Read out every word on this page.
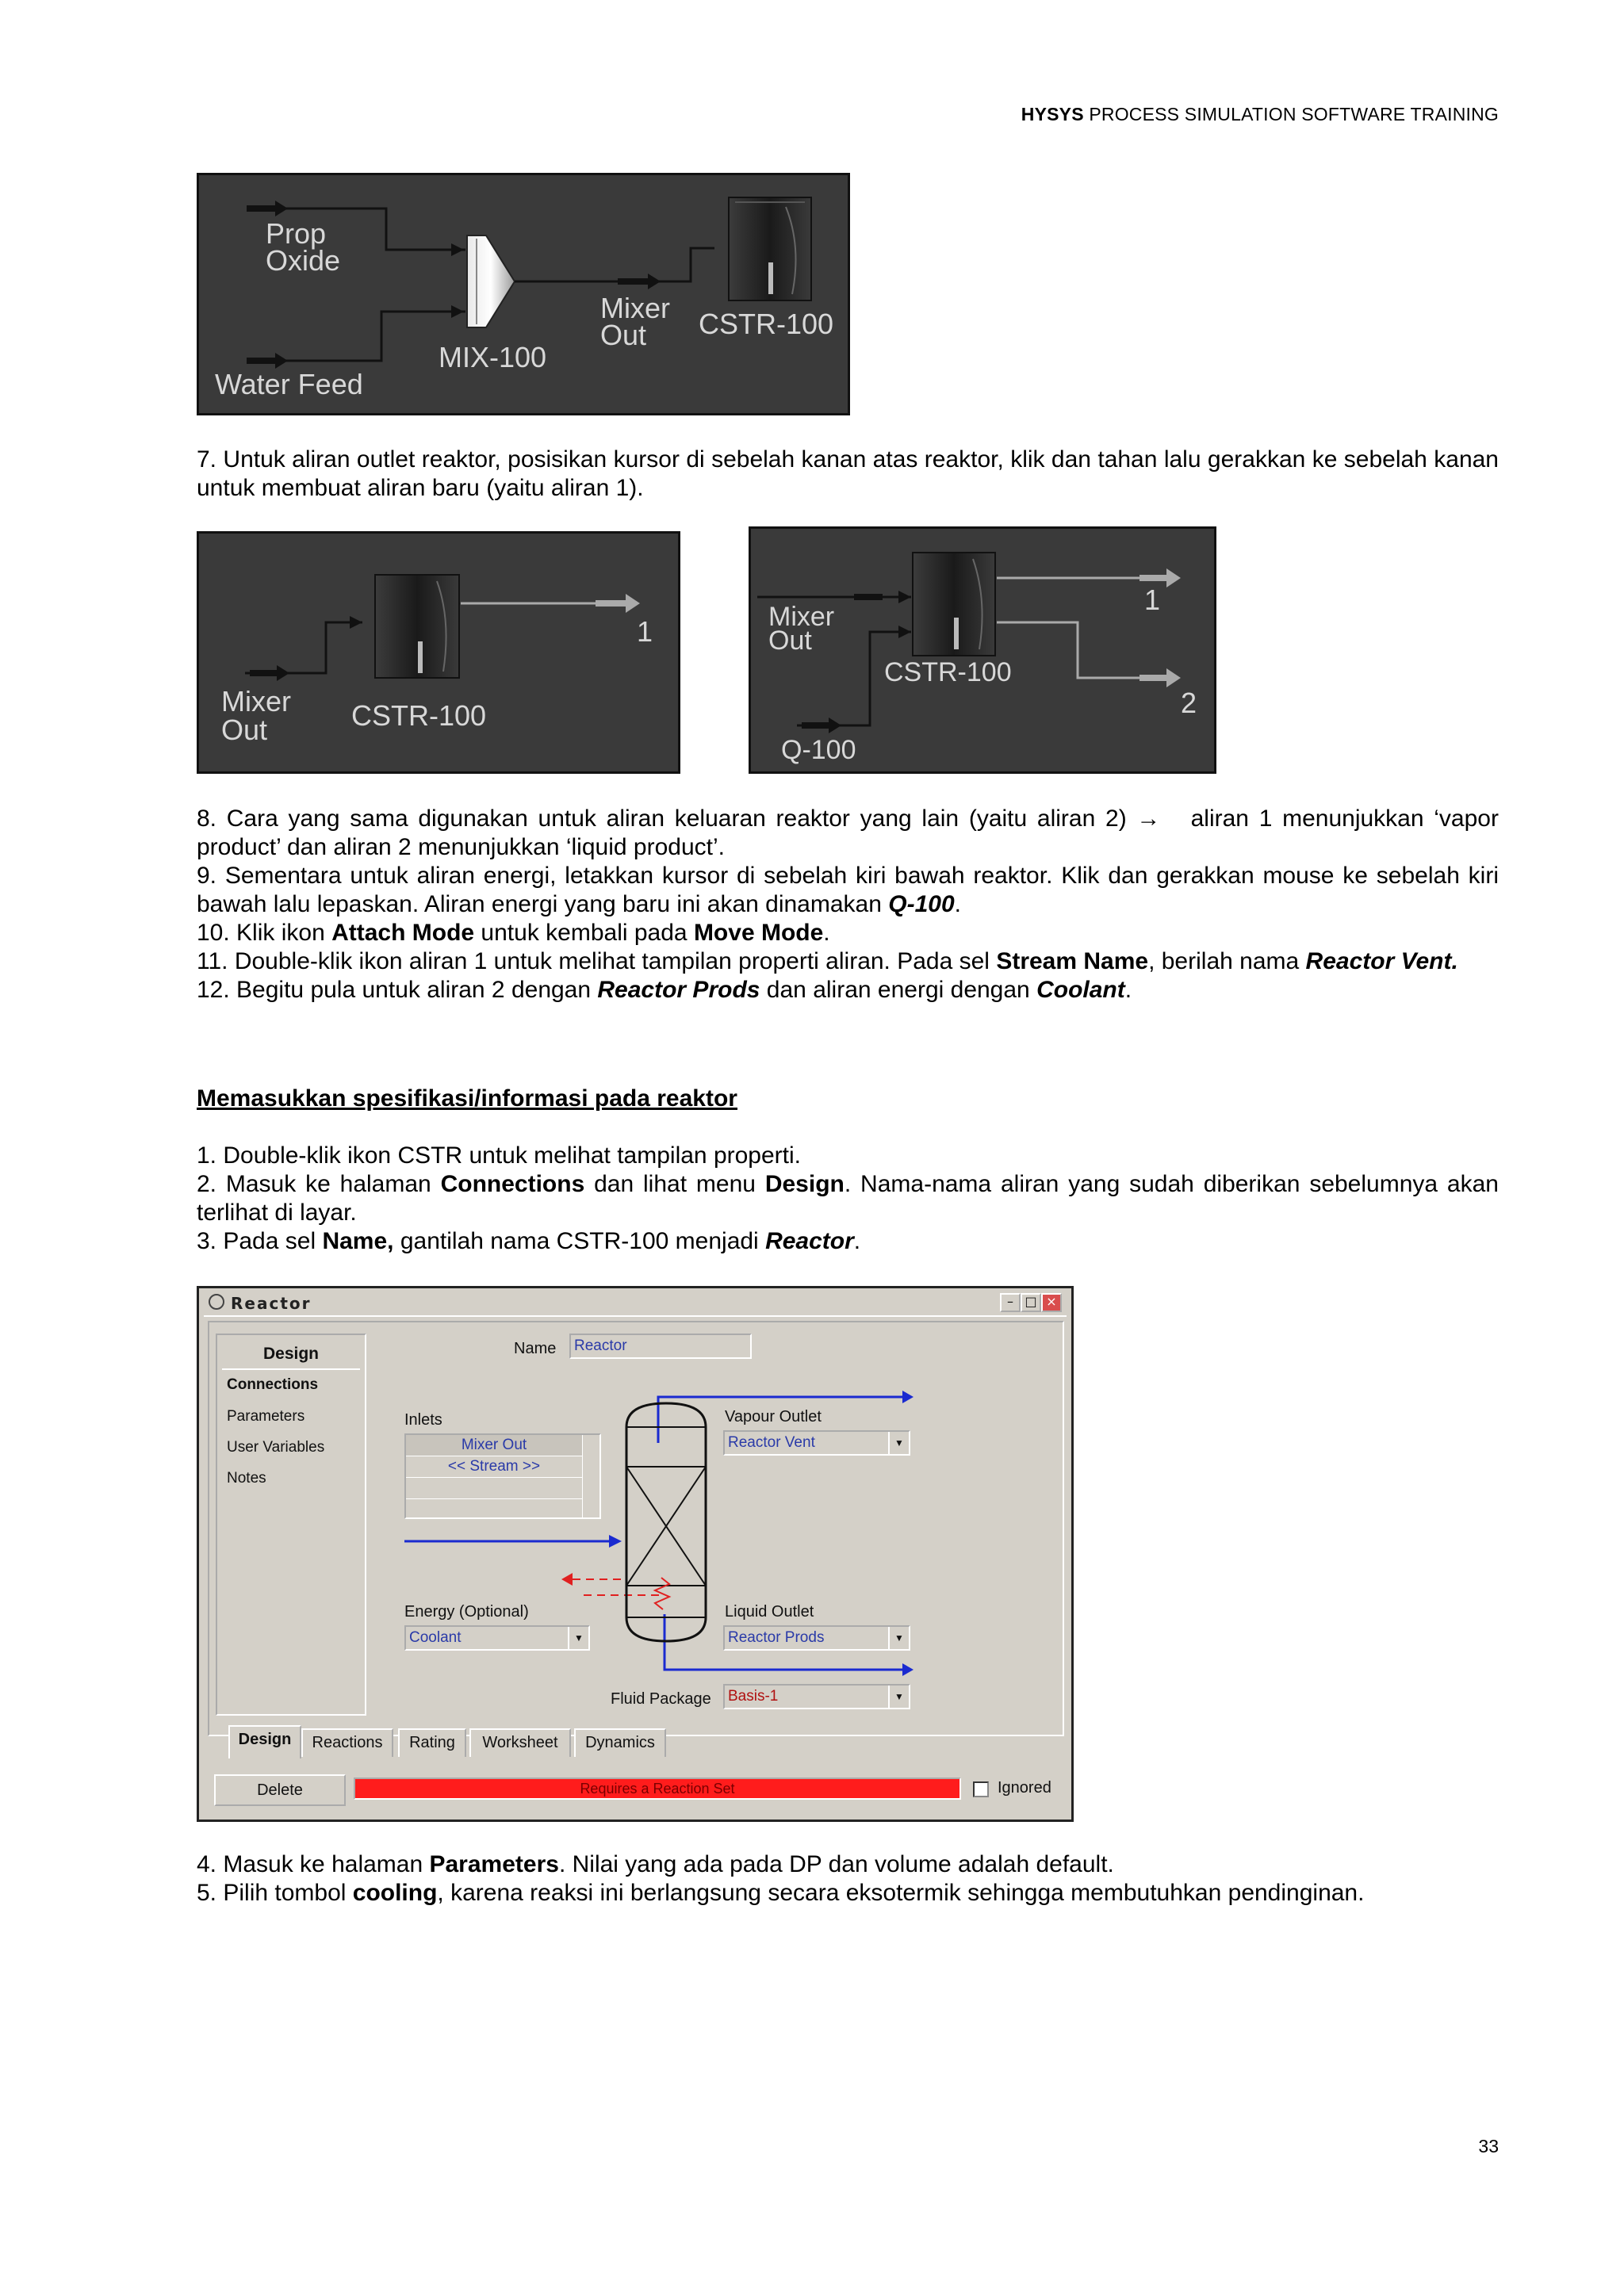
HYSYS PROCESS SIMULATION SOFTWARE TRAINING
Prop
Oxide
Water Feed
MIX-100
Mixer
Out CSTR-100

7. Untuk aliran outlet reaktor, posisikan kursor di sebelah kanan atas reaktor, klik dan tahan lalu gerakkan ke sebelah kanan untuk membuat aliran baru (yaitu aliran 1).

1
Mixer
Out	CSTR-100
1
2
Mixer
Out
CSTR-100
Q-100

8. Cara yang sama digunakan untuk aliran keluaran reaktor yang lain (yaitu aliran 2) → aliran 1 menunjukkan ‘vapor product’ dan aliran 2 menunjukkan ‘liquid product’.

9. Sementara untuk aliran energi, letakkan kursor di sebelah kiri bawah reaktor. Klik dan gerakkan mouse ke sebelah kiri bawah lalu lepaskan. Aliran energi yang baru ini akan dinamakan Q-100.

10. Klik ikon Attach Mode untuk kembali pada Move Mode.

11. Double-klik ikon aliran 1 untuk melihat tampilan properti aliran. Pada sel Stream Name, berilah nama Reactor Vent.

12. Begitu pula untuk aliran 2 dengan Reactor Prods dan aliran energi dengan Coolant.

Memasukkan spesifikasi/informasi pada reaktor

1. Double-klik ikon CSTR untuk melihat tampilan properti.

2. Masuk ke halaman Connections dan lihat menu Design. Nama-nama aliran yang sudah diberikan sebelumnya akan terlihat di layar.

3. Pada sel Name, gantilah nama CSTR-100 menjadi Reactor.

Reactor	– □ ×
Design
Connections
Parameters
User Variables
Notes
Name	Reactor
Inlets
Mixer Out
<< Stream >>
Vapour Outlet
Reactor Vent	▼
Energy (Optional)
Coolant	▼
Liquid Outlet
Reactor Prods	▼
Fluid Package	Basis-1	▼
Design	Reactions	Rating	Worksheet	Dynamics
Delete	Requires a Reaction Set	Ignored

4. Masuk ke halaman Parameters. Nilai yang ada pada DP dan volume adalah default.

5. Pilih tombol cooling, karena reaksi ini berlangsung secara eksotermik sehingga membutuhkan pendinginan.

33
